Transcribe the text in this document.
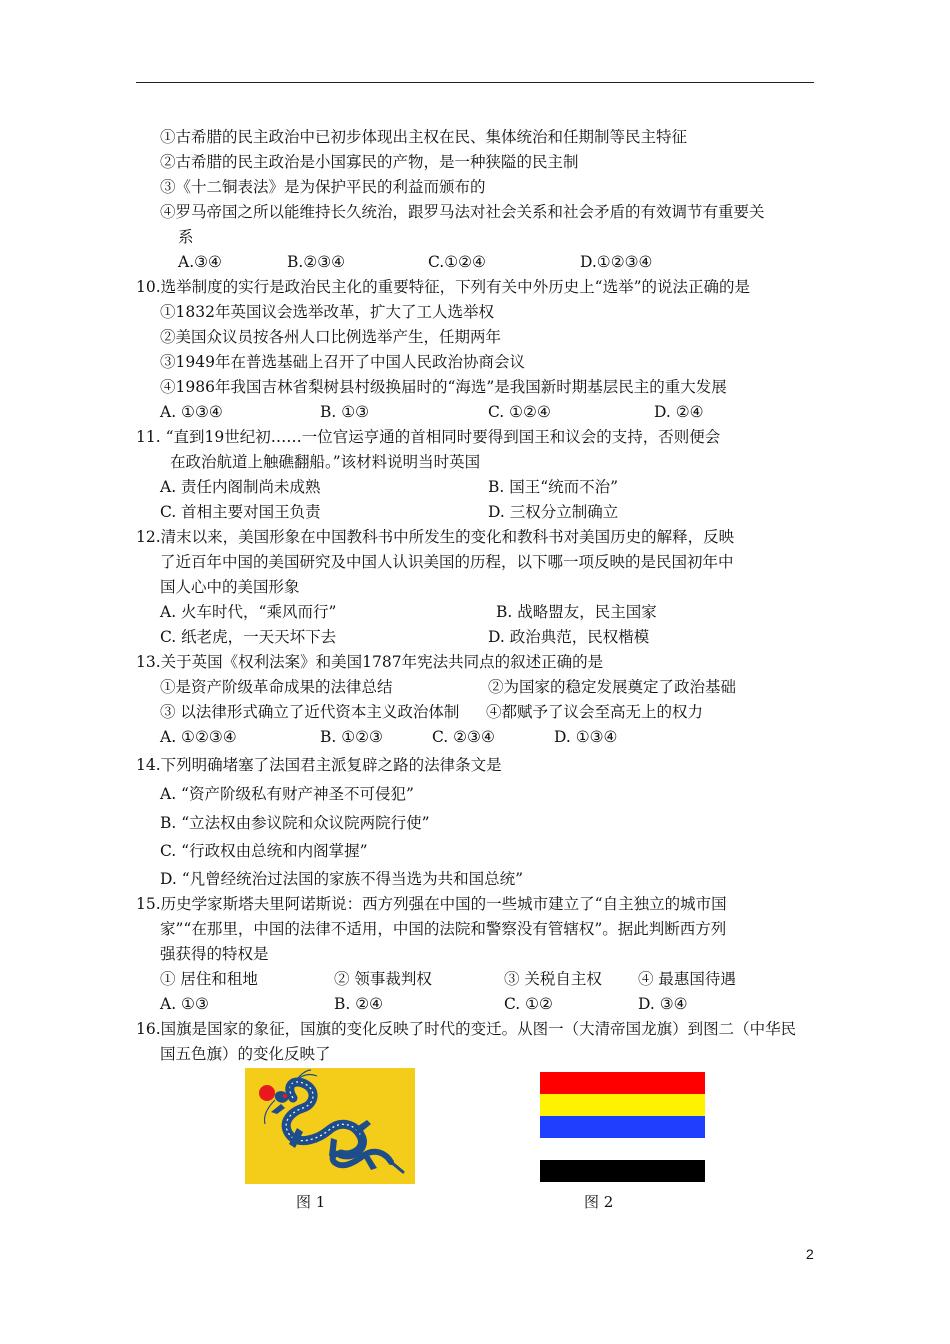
①古希腊的民主政治中已初步体现出主权在民、集体统治和任期制等民主特征
②古希腊的民主政治是小国寡民的产物，是一种狭隘的民主制
③《十二铜表法》是为保护平民的利益而颁布的
④罗马帝国之所以能维持长久统治，跟罗马法对社会关系和社会矛盾的有效调节有重要关
系
A.③④	B.②③④	C.①②④	D.①②③④
10.选举制度的实行是政治民主化的重要特征，下列有关中外历史上“选举”的说法正确的是
①1832年英国议会选举改革，扩大了工人选举权
②美国众议员按各州人口比例选举产生，任期两年
③1949年在普选基础上召开了中国人民政治协商会议
④1986年我国吉林省梨树县村级换届时的“海选”是我国新时期基层民主的重大发展
A. ①③④	B. ①③	C. ①②④	D. ②④
11. “直到19世纪初……一位官运亨通的首相同时要得到国王和议会的支持，否则便会
在政治航道上触礁翻船。”该材料说明当时英国
A. 责任内阁制尚未成熟	B. 国王“统而不治”
C. 首相主要对国王负责	D. 三权分立制确立
12.清末以来，美国形象在中国教科书中所发生的变化和教科书对美国历史的解释，反映
了近百年中国的美国研究及中国人认识美国的历程，以下哪一项反映的是民国初年中
国人心中的美国形象
A. 火车时代，“乘风而行”	B. 战略盟友，民主国家
C. 纸老虎，一天天坏下去	D. 政治典范，民权楷模
13.关于英国《权利法案》和美国1787年宪法共同点的叙述正确的是
①是资产阶级革命成果的法律总结	②为国家的稳定发展奠定了政治基础
③ 以法律形式确立了近代资本主义政治体制 ④都赋予了议会至高无上的权力
A. ①②③④	B. ①②③	C. ②③④	D. ①③④
14.下列明确堵塞了法国君主派复辟之路的法律条文是
A. “资产阶级私有财产神圣不可侵犯”
B. “立法权由参议院和众议院两院行使”
C. “行政权由总统和内阁掌握”
D. “凡曾经统治过法国的家族不得当选为共和国总统”
15.历史学家斯塔夫里阿诺斯说：西方列强在中国的一些城市建立了“自主独立的城市国
家”“在那里，中国的法律不适用，中国的法院和警察没有管辖权”。据此判断西方列
强获得的特权是
① 居住和租地	② 领事裁判权	③ 关税自主权 ④ 最惠国待遇
A. ①③	B. ②④	C. ①②	D. ③④
16.国旗是国家的象征，国旗的变化反映了时代的变迁。从图一（大清帝国龙旗）到图二（中华民
国五色旗）的变化反映了
图 1	图 2
2
